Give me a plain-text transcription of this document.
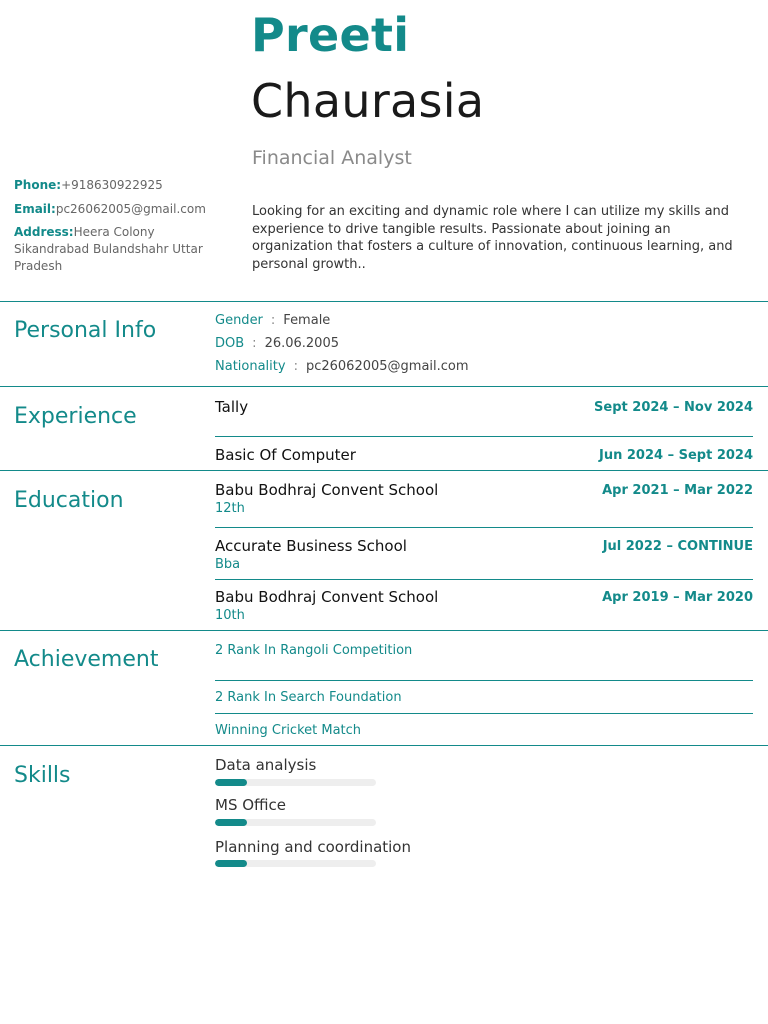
Preeti
Chaurasia
Financial Analyst
Looking for an exciting and dynamic role where I can utilize my skills and experience to drive tangible results. Passionate about joining an organization that fosters a culture of innovation, continuous learning, and personal growth..
Phone:+918630922925
Email:pc26062005@gmail.com
Address:Heera Colony Sikandrabad Bulandshahr Uttar Pradesh
Personal Info	Gender : Female
DOB : 26.06.2005
Nationality : pc26062005@gmail.com
Experience	Tally	Sept 2024 – Nov 2024
Basic Of Computer	Jun 2024 – Sept 2024
Education	Babu Bodhraj Convent School	Apr 2021 – Mar 2022
12th
Accurate Business School	Jul 2022 – CONTINUE
Bba
Babu Bodhraj Convent School	Apr 2019 – Mar 2020
10th
Achievement	2 Rank In Rangoli Competition
2 Rank In Search Foundation
Winning Cricket Match
Skills	Data analysis
MS Office
Planning and coordination
